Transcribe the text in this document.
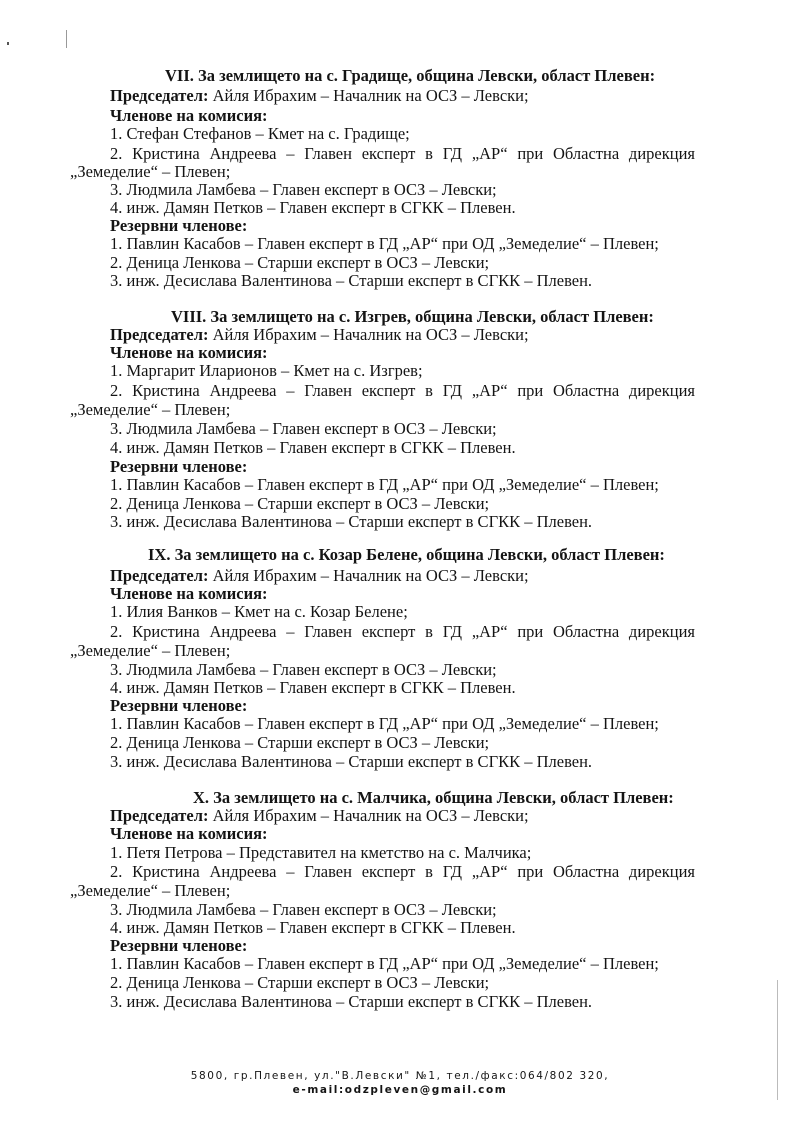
VII. За землището на с. Градище, община Левски, област Плевен:
Председател: Айля Ибрахим – Началник на ОСЗ – Левски;
Членове на комисия:
1. Стефан Стефанов – Кмет на с. Градище;
2. Кристина Андреева – Главен експерт в ГД „АР“ при Областна дирекция
„Земеделие“ – Плевен;
3. Людмила Ламбева – Главен експерт в ОСЗ – Левски;
4. инж. Дамян Петков – Главен експерт в СГКК – Плевен.
Резервни членове:
1. Павлин Касабов – Главен експерт в ГД „АР“ при ОД „Земеделие“ – Плевен;
2. Деница Ленкова – Старши експерт в ОСЗ – Левски;
3. инж. Десислава Валентинова – Старши експерт в СГКК – Плевен.
VIII. За землището на с. Изгрев, община Левски, област Плевен:
Председател: Айля Ибрахим – Началник на ОСЗ – Левски;
Членове на комисия:
1. Маргарит Иларионов – Кмет на с. Изгрев;
2. Кристина Андреева – Главен експерт в ГД „АР“ при Областна дирекция
„Земеделие“ – Плевен;
3. Людмила Ламбева – Главен експерт в ОСЗ – Левски;
4. инж. Дамян Петков – Главен експерт в СГКК – Плевен.
Резервни членове:
1. Павлин Касабов – Главен експерт в ГД „АР“ при ОД „Земеделие“ – Плевен;
2. Деница Ленкова – Старши експерт в ОСЗ – Левски;
3. инж. Десислава Валентинова – Старши експерт в СГКК – Плевен.
IX. За землището на с. Козар Белене, община Левски, област Плевен:
Председател: Айля Ибрахим – Началник на ОСЗ – Левски;
Членове на комисия:
1. Илия Ванков – Кмет на с. Козар Белене;
2. Кристина Андреева – Главен експерт в ГД „АР“ при Областна дирекция
„Земеделие“ – Плевен;
3. Людмила Ламбева – Главен експерт в ОСЗ – Левски;
4. инж. Дамян Петков – Главен експерт в СГКК – Плевен.
Резервни членове:
1. Павлин Касабов – Главен експерт в ГД „АР“ при ОД „Земеделие“ – Плевен;
2. Деница Ленкова – Старши експерт в ОСЗ – Левски;
3. инж. Десислава Валентинова – Старши експерт в СГКК – Плевен.
X. За землището на с. Малчика, община Левски, област Плевен:
Председател: Айля Ибрахим – Началник на ОСЗ – Левски;
Членове на комисия:
1. Петя Петрова – Представител на кметство на с. Малчика;
2. Кристина Андреева – Главен експерт в ГД „АР“ при Областна дирекция
„Земеделие“ – Плевен;
3. Людмила Ламбева – Главен експерт в ОСЗ – Левски;
4. инж. Дамян Петков – Главен експерт в СГКК – Плевен.
Резервни членове:
1. Павлин Касабов – Главен експерт в ГД „АР“ при ОД „Земеделие“ – Плевен;
2. Деница Ленкова – Старши експерт в ОСЗ – Левски;
3. инж. Десислава Валентинова – Старши експерт в СГКК – Плевен.
5800, гр.Плевен, ул."В.Левски" №1, тел./факс:064/802 320,
e-mail:odzpleven@gmail.com
